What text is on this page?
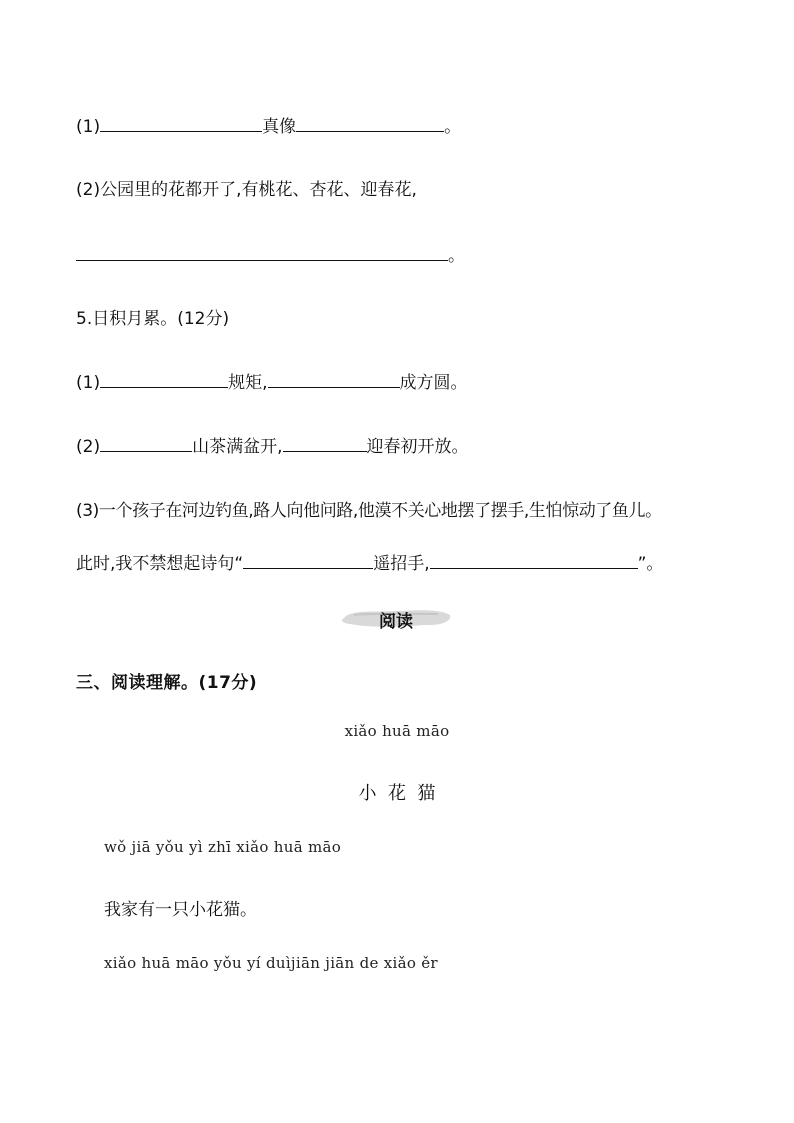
(1)	真像	。
(2)公园里的花都开了,有桃花、杏花、迎春花,
。
5.日积月累。(12分)
(1)	规矩,	成方圆。
(2)	山茶满盆开,	迎春初开放。
(3)一个孩子在河边钓鱼,路人向他问路,他漠不关心地摆了摆手,生怕惊动了鱼儿。
此时,我不禁想起诗句“	遥招手,	”。
阅读
三、阅读理解。(17分)
xiǎo huā māo
小  花  猫
wǒ jiā yǒu yì zhī xiǎo huā māo
我家有一只小花猫。
xiǎo huā māo yǒu yí duìjiān jiān de xiǎo ěr
